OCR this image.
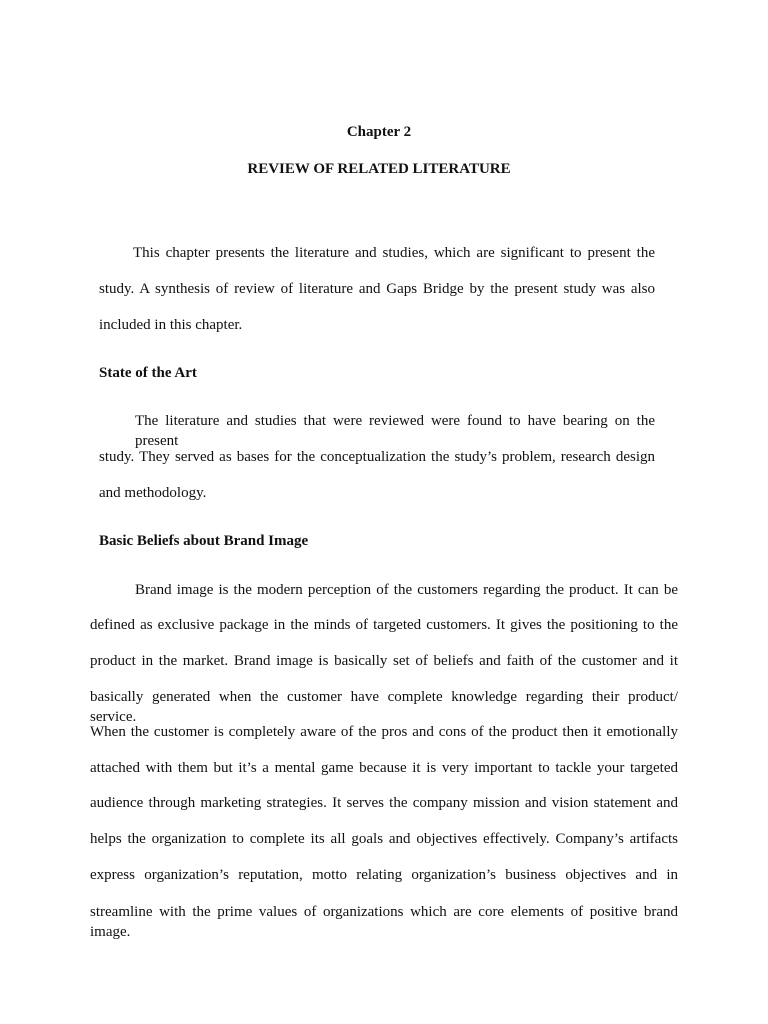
Chapter 2
REVIEW OF RELATED LITERATURE
This chapter presents the literature and studies, which are significant to present the
study. A synthesis of review of literature and Gaps Bridge by the present study was also
included in this chapter.
State of the Art
The literature and studies that were reviewed were found to have bearing on the present
study. They served as bases for the conceptualization the study’s problem, research design
and methodology.
Basic Beliefs about Brand Image
Brand image is the modern perception of the customers regarding the product. It can be
defined as exclusive package in the minds of targeted customers. It gives the positioning to the
product in the market. Brand image is basically set of beliefs and faith of the customer and it
basically generated when the customer have complete knowledge regarding their product/ service.
When the customer is completely aware of the pros and cons of the product then it emotionally
attached with them but it’s a mental game because it is very important to tackle your targeted
audience through marketing strategies. It serves the company mission and vision statement and
helps the organization to complete its all goals and objectives effectively. Company’s artifacts
express organization’s reputation, motto relating organization’s business objectives and in
streamline with the prime values of organizations which are core elements of positive brand image.
